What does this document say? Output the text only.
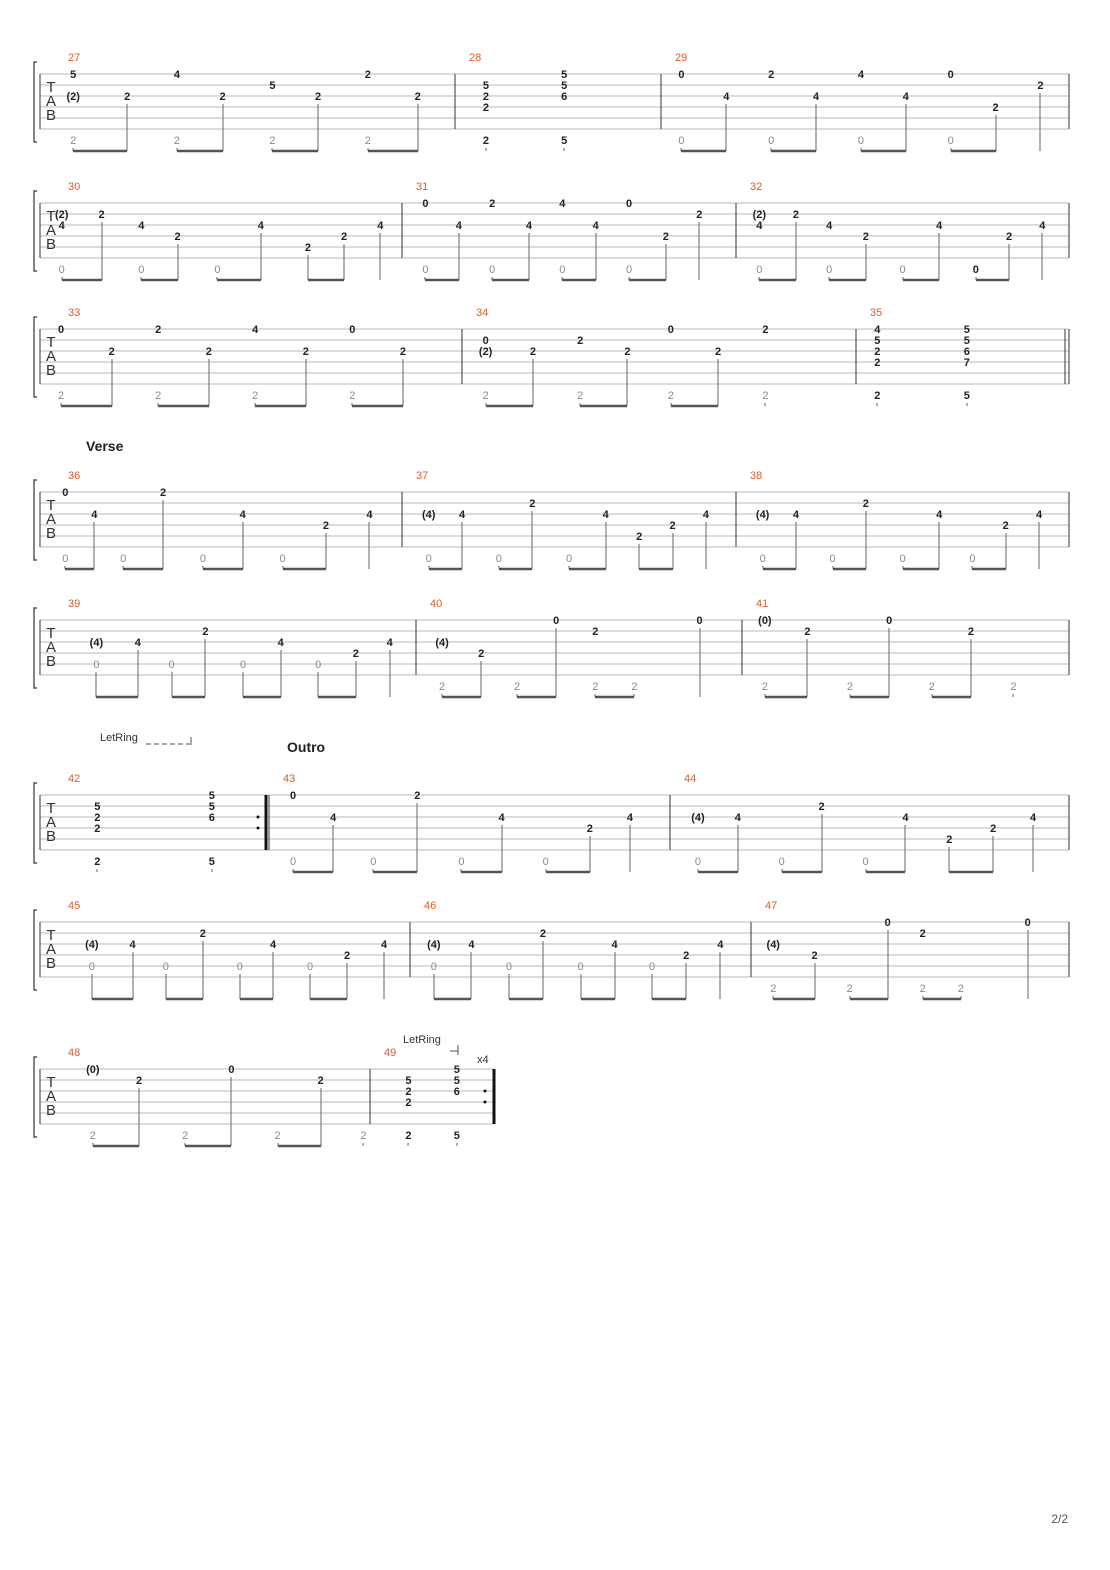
T
A
B
27
5
(2)
2
2
4
2
2
5
2
2
2
2
2
28
5
2
2
2
5
5
6
5
29
0
0
4
2
0
4
4
0
4
0
0
2
2
T
A
B
30
(2)
4
0
2
4
0
2
0
4
2
2
4
31
0
0
4
2
0
4
4
0
4
0
0
2
2
32
(2)
4
0
2
4
0
2
0
4
0
2
4
T
A
B
33
0
2
2
2
2
2
4
2
2
0
2
2
34
0
(2)
2
2
2
2
2
0
2
2
2
2
35
4
5
2
2
2
5
5
6
7
5
T
A
B
Verse
36
0
0
4
0
2
0
4
0
2
4
37
(4)
0
4
0
2
0
4
2
2
4
38
(4)
0
4
0
2
0
4
0
2
4
T
A
B
39
(4)
0
4
0
2
0
4
0
2
4
40
(4)
2
2
2
0
2
2	2
0
41
(0)
2
2
2
0
2
2
2
T
A
B
Outro
LetRing
42
5
2
2
2
5
5
6
5
43
0
0
4
0
2
0
4
0
2
4
44
(4)
0
4
0
2
0
4
2
2
4
T
A
B
45
(4)
0
4
0
2
0
4
0
2
4
46
(4)
0
4
0
2
0
4
0
2
4
47
(4)
2
2
2
0
2
2	2
0
T
A
B
LetRing
x4
48
(0)
2
2
2
0
2
2
2
49
5
2
2
2
5
5
6
5
2/2
